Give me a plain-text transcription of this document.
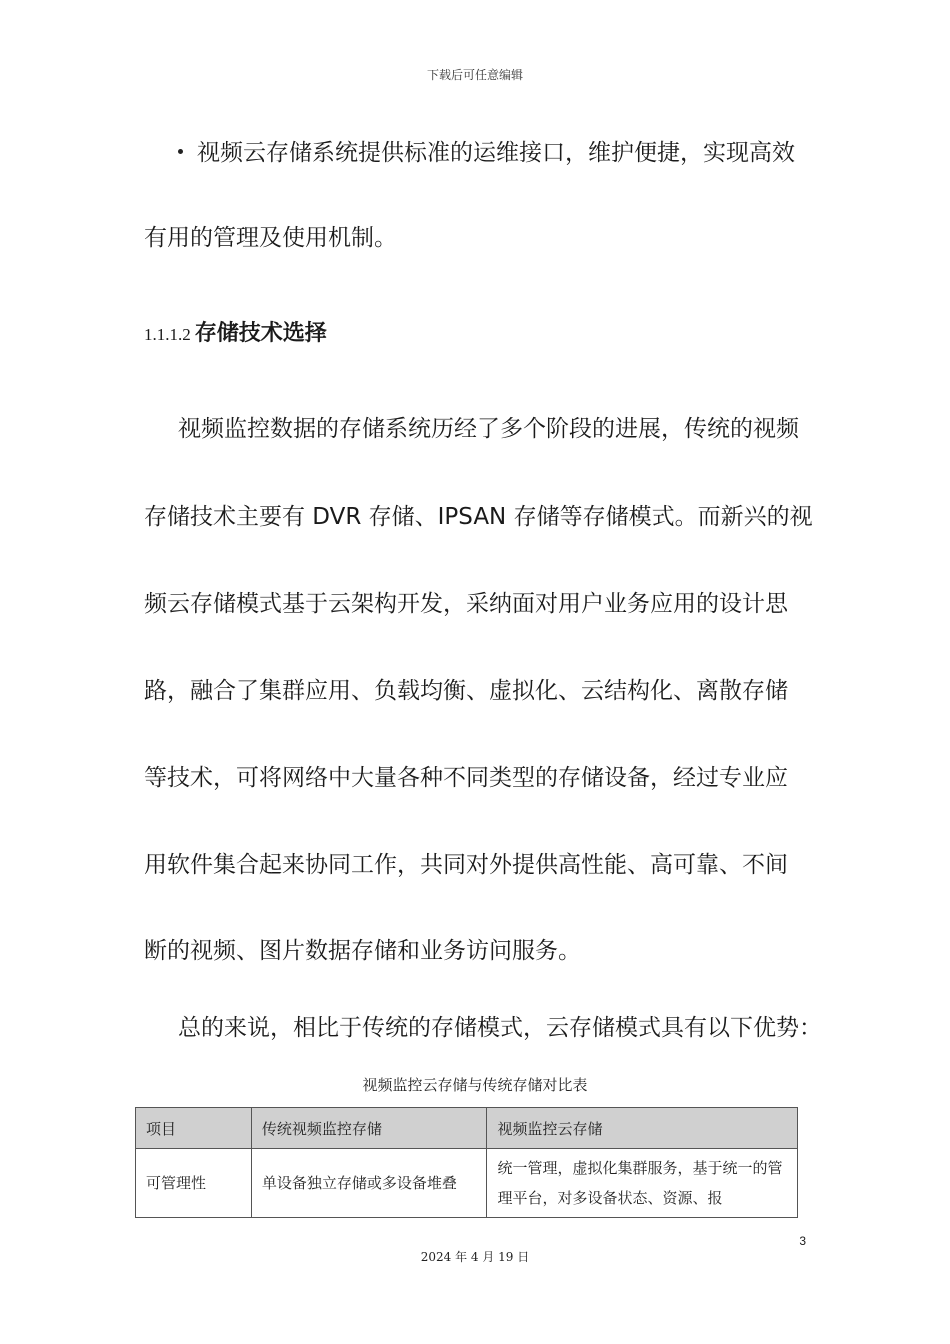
下载后可任意编辑
视频云存储系统提供标准的运维接口，维护便捷，实现高效
有用的管理及使用机制。
1.1.1.2 存储技术选择
视频监控数据的存储系统历经了多个阶段的进展，传统的视频
存储技术主要有 DVR 存储、IPSAN 存储等存储模式。而新兴的视
频云存储模式基于云架构开发，采纳面对用户业务应用的设计思
路，融合了集群应用、负载均衡、虚拟化、云结构化、离散存储
等技术，可将网络中大量各种不同类型的存储设备，经过专业应
用软件集合起来协同工作，共同对外提供高性能、高可靠、不间
断的视频、图片数据存储和业务访问服务。
总的来说，相比于传统的存储模式，云存储模式具有以下优势：
视频监控云存储与传统存储对比表
项目	传统视频监控存储	视频监控云存储
可管理性	单设备独立存储或多设备堆叠	统一管理，虚拟化集群服务，基于统一的管理平台，对多设备状态、资源、报
3
2024 年 4 月 19 日
